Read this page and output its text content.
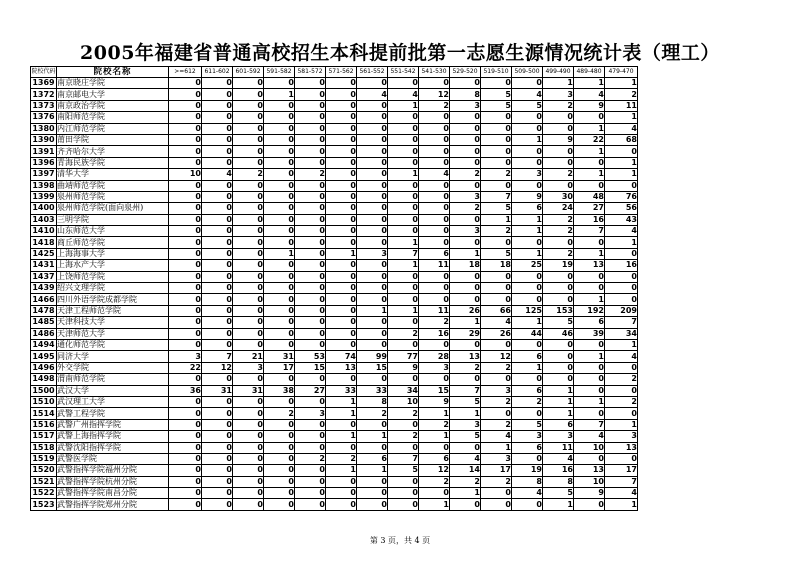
2005年福建省普通高校招生本科提前批第一志愿生源情况统计表（理工）
院校代码	院校名称	>=612	611-602	601-592	591-582	581-572	571-562	561-552	551-542	541-530	529-520	519-510	509-500	499-490	489-480	479-470
1369	南京晓庄学院	0	0	0	0	0	0	0	0	0	0	0	0	1	1	1
1372	南京邮电大学	0	0	0	1	0	0	4	4	12	8	5	4	3	4	2
1373	南京政治学院	0	0	0	0	0	0	0	1	2	3	5	5	2	9	11
1376	南阳师范学院	0	0	0	0	0	0	0	0	0	0	0	0	0	0	1
1380	内江师范学院	0	0	0	0	0	0	0	0	0	0	0	0	0	1	4
1390	莆田学院	0	0	0	0	0	0	0	0	0	0	0	1	9	22	68
1391	齐齐哈尔大学	0	0	0	0	0	0	0	0	0	0	0	0	0	1	0
1396	青海民族学院	0	0	0	0	0	0	0	0	0	0	0	0	0	0	1
1397	清华大学	10	4	2	0	2	0	0	1	4	2	2	3	2	1	1
1398	曲靖师范学院	0	0	0	0	0	0	0	0	0	0	0	0	0	0	0
1399	泉州师范学院	0	0	0	0	0	0	0	0	0	3	7	9	30	48	76
1400	泉州师范学院(面向泉州)	0	0	0	0	0	0	0	0	0	2	5	6	24	27	56
1403	三明学院	0	0	0	0	0	0	0	0	0	0	1	1	2	16	43
1410	山东师范大学	0	0	0	0	0	0	0	0	0	3	2	1	2	7	4
1418	商丘师范学院	0	0	0	0	0	0	0	1	0	0	0	0	0	0	1
1425	上海海事大学	0	0	0	1	0	1	3	7	6	1	5	1	2	1	0
1431	上海水产大学	0	0	0	0	0	0	0	1	11	18	18	25	19	13	16
1437	上饶师范学院	0	0	0	0	0	0	0	0	0	0	0	0	0	0	0
1439	绍兴文理学院	0	0	0	0	0	0	0	0	0	0	0	0	0	0	0
1466	四川外语学院成都学院	0	0	0	0	0	0	0	0	0	0	0	0	0	1	0
1478	天津工程师范学院	0	0	0	0	0	0	1	1	11	26	66	125	153	192	209
1485	天津科技大学	0	0	0	0	0	0	0	0	2	1	4	1	5	6	7
1486	天津师范大学	0	0	0	0	0	0	0	2	16	29	26	44	46	39	34
1494	通化师范学院	0	0	0	0	0	0	0	0	0	0	0	0	0	0	1
1495	同济大学	3	7	21	31	53	74	99	77	28	13	12	6	0	1	4
1496	外交学院	22	12	3	17	15	13	15	9	3	2	2	1	0	0	0
1498	渭南师范学院	0	0	0	0	0	0	0	0	0	0	0	0	0	0	2
1500	武汉大学	36	31	31	38	27	33	33	34	15	7	3	6	1	0	0
1510	武汉理工大学	0	0	0	0	0	1	8	10	9	5	2	2	1	1	2
1514	武警工程学院	0	0	0	2	3	1	2	2	1	1	0	0	1	0	0
1516	武警广州指挥学院	0	0	0	0	0	0	0	0	2	3	2	5	6	7	1
1517	武警上海指挥学院	0	0	0	0	0	1	1	2	1	5	4	3	3	4	3
1518	武警沈阳指挥学院	0	0	0	0	0	0	0	0	0	0	1	6	11	10	13
1519	武警医学院	0	0	0	0	2	2	6	7	6	4	3	0	4	0	0
1520	武警指挥学院福州分院	0	0	0	0	0	1	1	5	12	14	17	19	16	13	17
1521	武警指挥学院杭州分院	0	0	0	0	0	0	0	0	2	2	2	8	8	10	7
1522	武警指挥学院南昌分院	0	0	0	0	0	0	0	0	0	1	0	4	5	9	4
1523	武警指挥学院郑州分院	0	0	0	0	0	0	0	0	1	0	0	0	1	0	1
第 3 页，共 4 页
